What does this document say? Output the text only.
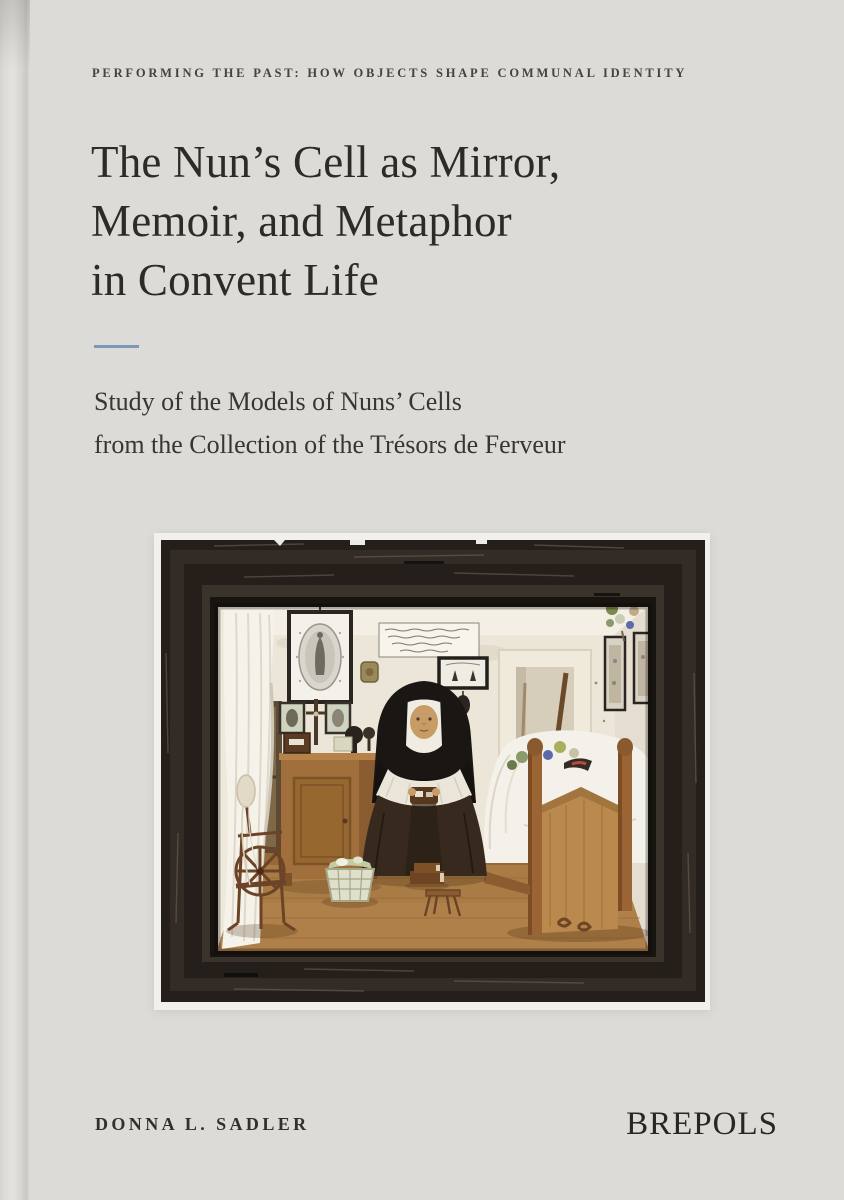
PERFORMING THE PAST: HOW OBJECTS SHAPE COMMUNAL IDENTITY
The Nun’s Cell as Mirror,
Memoir, and Metaphor
in Convent Life
Study of the Models of Nuns’ Cells
from the Collection of the Trésors de Ferveur
DONNA L. SADLER	BREPOLS
